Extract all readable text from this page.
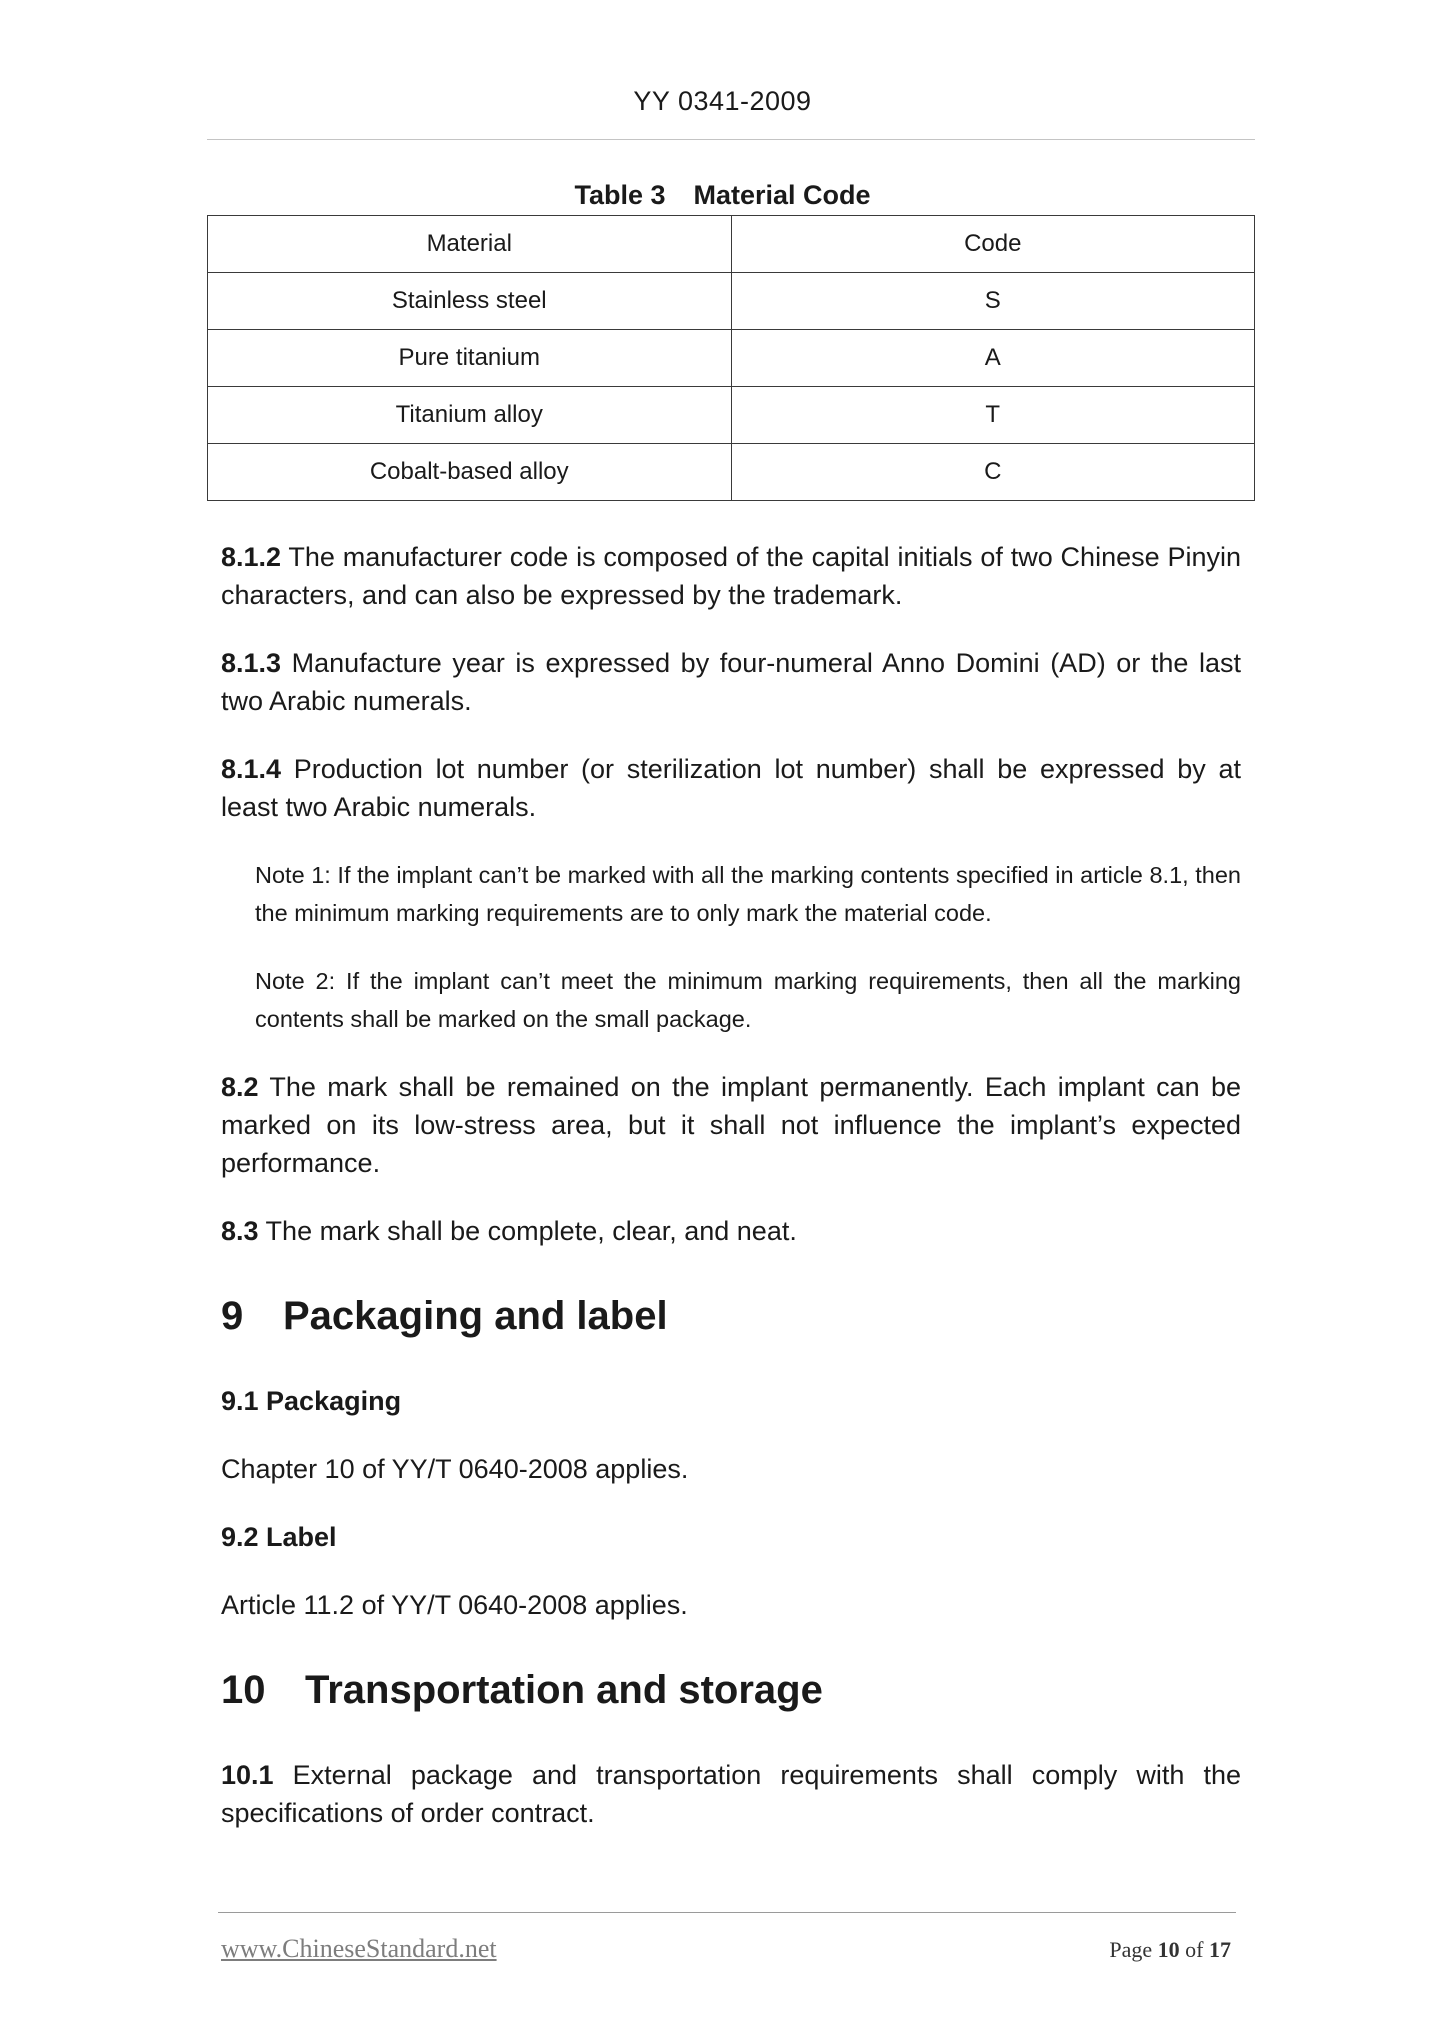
YY 0341-2009
Table 3 Material Code
Material	Code
Stainless steel	S
Pure titanium	A
Titanium alloy	T
Cobalt-based alloy	C

8.1.2 The manufacturer code is composed of the capital initials of two Chinese Pinyin characters, and can also be expressed by the trademark.

8.1.3 Manufacture year is expressed by four-numeral Anno Domini (AD) or the last two Arabic numerals.

8.1.4 Production lot number (or sterilization lot number) shall be expressed by at least two Arabic numerals.

Note 1: If the implant can’t be marked with all the marking contents specified in article 8.1, then the minimum marking requirements are to only mark the material code.

Note 2: If the implant can’t meet the minimum marking requirements, then all the marking contents shall be marked on the small package.

8.2 The mark shall be remained on the implant permanently. Each implant can be marked on its low-stress area, but it shall not influence the implant’s expected performance.

8.3 The mark shall be complete, clear, and neat.

9 Packaging and label

9.1 Packaging

Chapter 10 of YY/T 0640-2008 applies.

9.2 Label

Article 11.2 of YY/T 0640-2008 applies.

10 Transportation and storage

10.1 External package and transportation requirements shall comply with the specifications of order contract.

www.ChineseStandard.net	Page 10 of 17
